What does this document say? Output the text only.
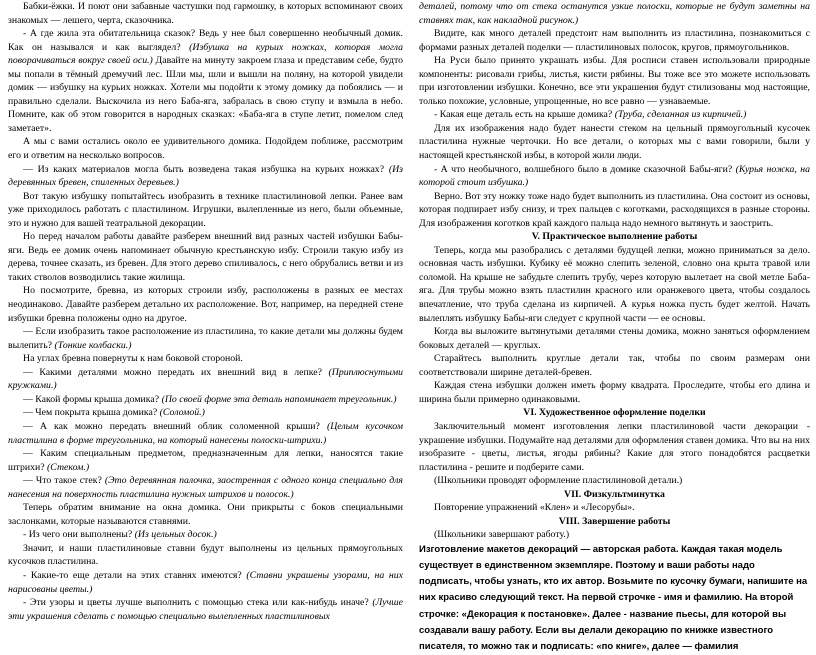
Бабки-ёжки. И поют они забавные частушки под гармошку, в которых вспоминают своих знакомых — лешего, черта, сказочника.

- А где жила эта обитательница сказок? Ведь у нее был совершенно необычный домик. Как он назывался и как выглядел? (Избушка на курьих ножках, которая могла поворачиваться вокруг своей оси.) Давайте на минуту закроем глаза и представим себе, будто мы попали в тёмный дремучий лес. Шли мы, шли и вышли на поляну, на которой увидели домик — избушку на курьих ножках. Хотели мы подойти к этому домику да побоялись — и правильно сделали. Выскочила из него Баба-яга, забралась в свою ступу и взмыла в небо. Помните, как об этом говорится в народных сказках: «Баба-яга в ступе летит, помелом след заметает».

А мы с вами остались около ее удивительного домика. Подойдем поближе, рассмотрим его и ответим на несколько вопросов.

— Из каких материалов могла быть возведена такая избушка на курьих ножках? (Из деревянных бревен, спиленных деревьев.)

Вот такую избушку попытайтесь изобразить в технике пластилиновой лепки. Ранее вам уже приходилось работать с пластилином. Игрушки, вылепленные из него, были объемные, это и нужно для вашей театральной декорации.

Но перед началом работы давайте разберем внешний вид разных частей избушки Бабы-яги. Ведь ее домик очень напоминает обычную крестьянскую избу. Строили такую избу из дерева, точнее сказать, из бревен. Для этого дерево спиливалось, с него обрубались ветви и из таких стволов возводились такие жилища.

Но посмотрите, бревна, из которых строили избу, расположены в разных ее местах неодинаково. Давайте разберем детально их расположение. Вот, например, на передней стене избушки бревна положены одно на другое.

— Если изобразить такое расположение из пластилина, то какие детали мы должны будем вылепить? (Тонкие колбаски.)

На углах бревна повернуты к нам боковой стороной.

— Какими деталями можно передать их внешний вид в лепке? (Приплюснутыми кружками.)

— Какой формы крыша домика? (По своей форме эта деталь напоминает треугольник.)

— Чем покрыта крыша домика? (Соломой.)

— А как можно передать внешний облик соломенной крыши? (Целым кусочком пластилина в форме треугольника, на который нанесены полоски-штрихи.)

— Каким специальным предметом, предназначенным для лепки, наносятся такие штрихи? (Стеком.)

— Что такое стек? (Это деревянная палочка, заостренная с одного конца специально для нанесения на поверхность пластилина нужных штрихов и полосок.)

Теперь обратим внимание на окна домика. Они прикрыты с боков специальными заслонками, которые называются ставнями.

- Из чего они выполнены? (Из цельных досок.)

Значит, и наши пластилиновые ставни будут выполнены из цельных прямоугольных кусочков пластилина.

- Какие-то еще детали на этих ставнях имеются? (Ставни украшены узорами, на них нарисованы цветы.)

- Эти узоры и цветы лучше выполнить с помощью стека или как-нибудь иначе? (Лучше эти украшения сделать с помощью специально вылепленных пластилиновых

деталей, потому что от стека останутся узкие полоски, которые не будут заметны на ставнях так, как накладной рисунок.)

Видите, как много деталей предстоит нам выполнить из пластилина, познакомиться с формами разных деталей поделки — пластилиновых полосок, кругов, прямоугольников.

На Руси было принято украшать избы. Для росписи ставен использовали природные компоненты: рисовали грибы, листья, кисти рябины. Вы тоже все это можете использовать при изготовлении избушки. Конечно, все эти украшения будут стилизованы мод настоящие, только похожие, условные, упрощенные, но все равно — узнаваемые.

- Какая еще деталь есть на крыше домика? (Труба, сделанная из кирпичей.)

Для их изображения надо будет нанести стеком на цельный прямоугольный кусочек пластилина нужные черточки. Но все детали, о которых мы с вами говорили, были у настоящей крестьянской избы, в которой жили люди.

- А что необычного, волшебного было в домике сказочной Бабы-яги? (Курья ножка, на которой стоит избушка.)

Верно. Вот эту ножку тоже надо будет выполнить из пластилина. Она состоит из основы, которая подпирает избу снизу, и трех пальцев с коготками, расходящихся в разные стороны. Для изображения коготков край каждого пальца надо немного вытянуть и заострить.

V. Практическое выполнение работы

Теперь, когда мы разобрались с деталями будущей лепки, можно приниматься за дело. основная часть избушки. Кубику её можно слепить зеленой, словно она крыта травой или соломой. На крыше не забудьте слепить трубу, через которую вылетает на свой метле Баба-яга. Для трубы можно взять пластилин красного или оранжевого цвета, чтобы создалось впечатление, что труба сделана из кирпичей. А курья ножка пусть будет желтой. Начать вылеплять избушку Бабы-яги следует с крупной части — ее основы.

Когда вы выложите вытянутыми деталями стены домика, можно заняться оформлением боковых деталей — круглых.

Старайтесь выполнить круглые детали так, чтобы по своим размерам они соответствовали ширине деталей-бревен.

Каждая стена избушки должен иметь форму квадрата. Проследите, чтобы его длина и ширина были примерно одинаковыми.

VI. Художественное оформление поделки

Заключительный момент изготовления лепки пластилиновой части декорации - украшение избушки. Подумайте над деталями для оформления ставен домика. Что вы на них изобразите - цветы, листья, ягоды рябины? Какие для этого понадобятся расцветки пластилина - решите и подберите сами.

(Школьники проводят оформление пластилиновой детали.)

VII. Физкультминутка

Повторение упражнений «Клен» и «Лесорубы».

VIII. Завершение работы

(Школьники завершают работу.)

Изготовление макетов декораций — авторская работа. Каждая такая модель существует в единственном экземпляре. Поэтому и ваши работы надо подписать, чтобы узнать, кто их автор. Возьмите по кусочку бумаги, напишите на них красиво следующий текст. На первой строчке - имя и фамилию. На второй строчке: «Декорация к постановке». Далее - название пьесы, для которой вы создавали вашу работу. Если вы делали декорацию по книжке известного писателя, то можно так и подписать: «по книге», далее — фамилия
